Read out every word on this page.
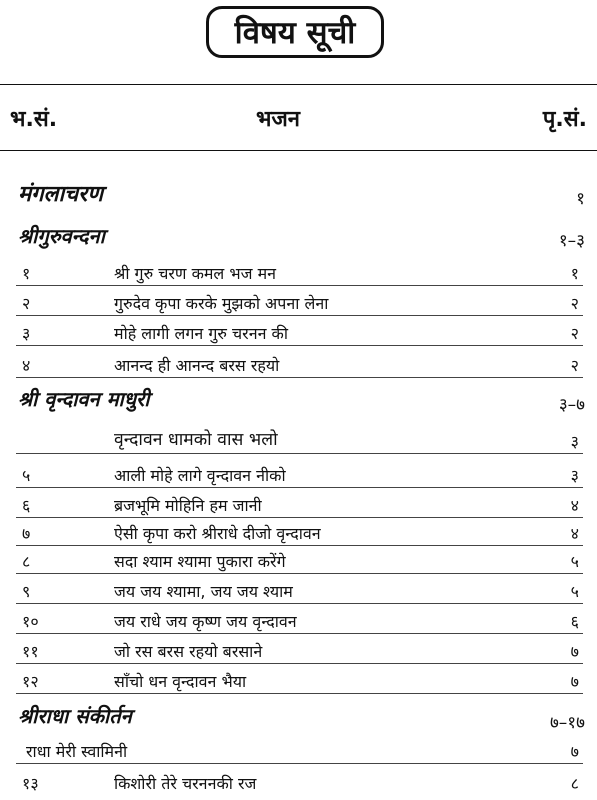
विषय सूची
भ.सं.	भजन	पृ.सं.
मंगलाचरण	१
श्रीगुरुवन्दना	१–३
१	श्री गुरु चरण कमल भज मन	१
२	गुरुदेव कृपा करके मुझको अपना लेना	२
३	मोहे लागी लगन गुरु चरनन की	२
४	आनन्द ही आनन्द बरस रहयो	२
श्री वृन्दावन माधुरी	३–७
वृन्दावन धामको वास भलो	३
५	आली मोहे लागे वृन्दावन नीको	३
६	ब्रजभूमि मोहिनि हम जानी	४
७	ऐसी कृपा करो श्रीराधे दीजो वृन्दावन	४
८	सदा श्याम श्यामा पुकारा करेंगे	५
९	जय जय श्यामा, जय जय श्याम	५
१०	जय राधे जय कृष्ण जय वृन्दावन	६
११	जो रस बरस रहयो बरसाने	७
१२	साँचो धन वृन्दावन भैया	७
श्रीराधा संकीर्तन	७–१७
राधा मेरी स्वामिनी	७
१३	किशोरी तेरे चरननकी रज	८
